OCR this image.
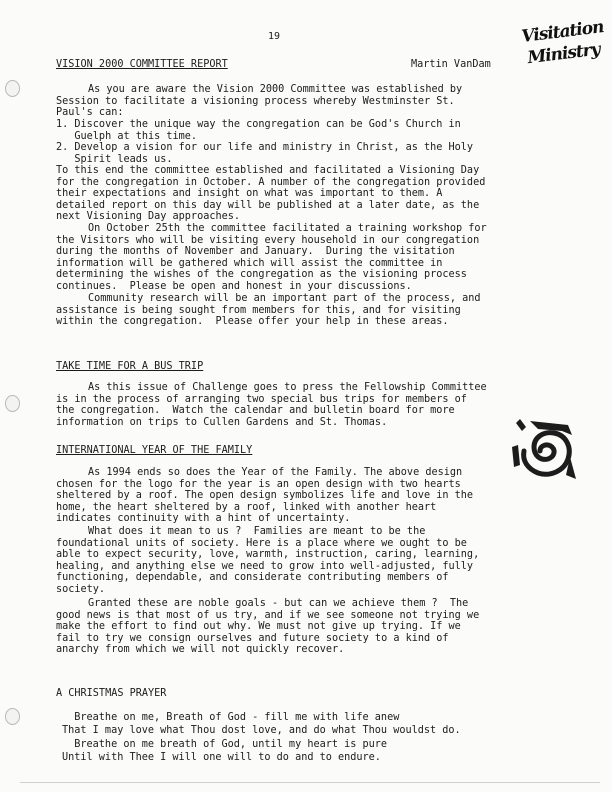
19	Visitation
Ministry
VISION 2000 COMMITTEE REPORT	Martin VanDam
As you are aware the Vision 2000 Committee was established by
Session to facilitate a visioning process whereby Westminster St.
Paul's can:
1. Discover the unique way the congregation can be God's Church in
Guelph at this time.
2. Develop a vision for our life and ministry in Christ, as the Holy
Spirit leads us.
To this end the committee established and facilitated a Visioning Day
for the congregation in October. A number of the congregation provided
their expectations and insight on what was important to them. A
detailed report on this day will be published at a later date, as the
next Visioning Day approaches.
On October 25th the committee facilitated a training workshop for
the Visitors who will be visiting every household in our congregation
during the months of November and January.  During the visitation
information will be gathered which will assist the committee in
determining the wishes of the congregation as the visioning process
continues.  Please be open and honest in your discussions.
Community research will be an important part of the process, and
assistance is being sought from members for this, and for visiting
within the congregation.  Please offer your help in these areas.
TAKE TIME FOR A BUS TRIP
As this issue of Challenge goes to press the Fellowship Committee
is in the process of arranging two special bus trips for members of
the congregation.  Watch the calendar and bulletin board for more
information on trips to Cullen Gardens and St. Thomas.
INTERNATIONAL YEAR OF THE FAMILY
As 1994 ends so does the Year of the Family. The above design
chosen for the logo for the year is an open design with two hearts
sheltered by a roof. The open design symbolizes life and love in the
home, the heart sheltered by a roof, linked with another heart
indicates continuity with a hint of uncertainty.
What does it mean to us ?  Families are meant to be the
foundational units of society. Here is a place where we ought to be
able to expect security, love, warmth, instruction, caring, learning,
healing, and anything else we need to grow into well-adjusted, fully
functioning, dependable, and considerate contributing members of
society.
Granted these are noble goals - but can we achieve them ?  The
good news is that most of us try, and if we see someone not trying we
make the effort to find out why. We must not give up trying. If we
fail to try we consign ourselves and future society to a kind of
anarchy from which we will not quickly recover.
A CHRISTMAS PRAYER
Breathe on me, Breath of God - fill me with life anew
That I may love what Thou dost love, and do what Thou wouldst do.
Breathe on me breath of God, until my heart is pure
Until with Thee I will one will to do and to endure.
